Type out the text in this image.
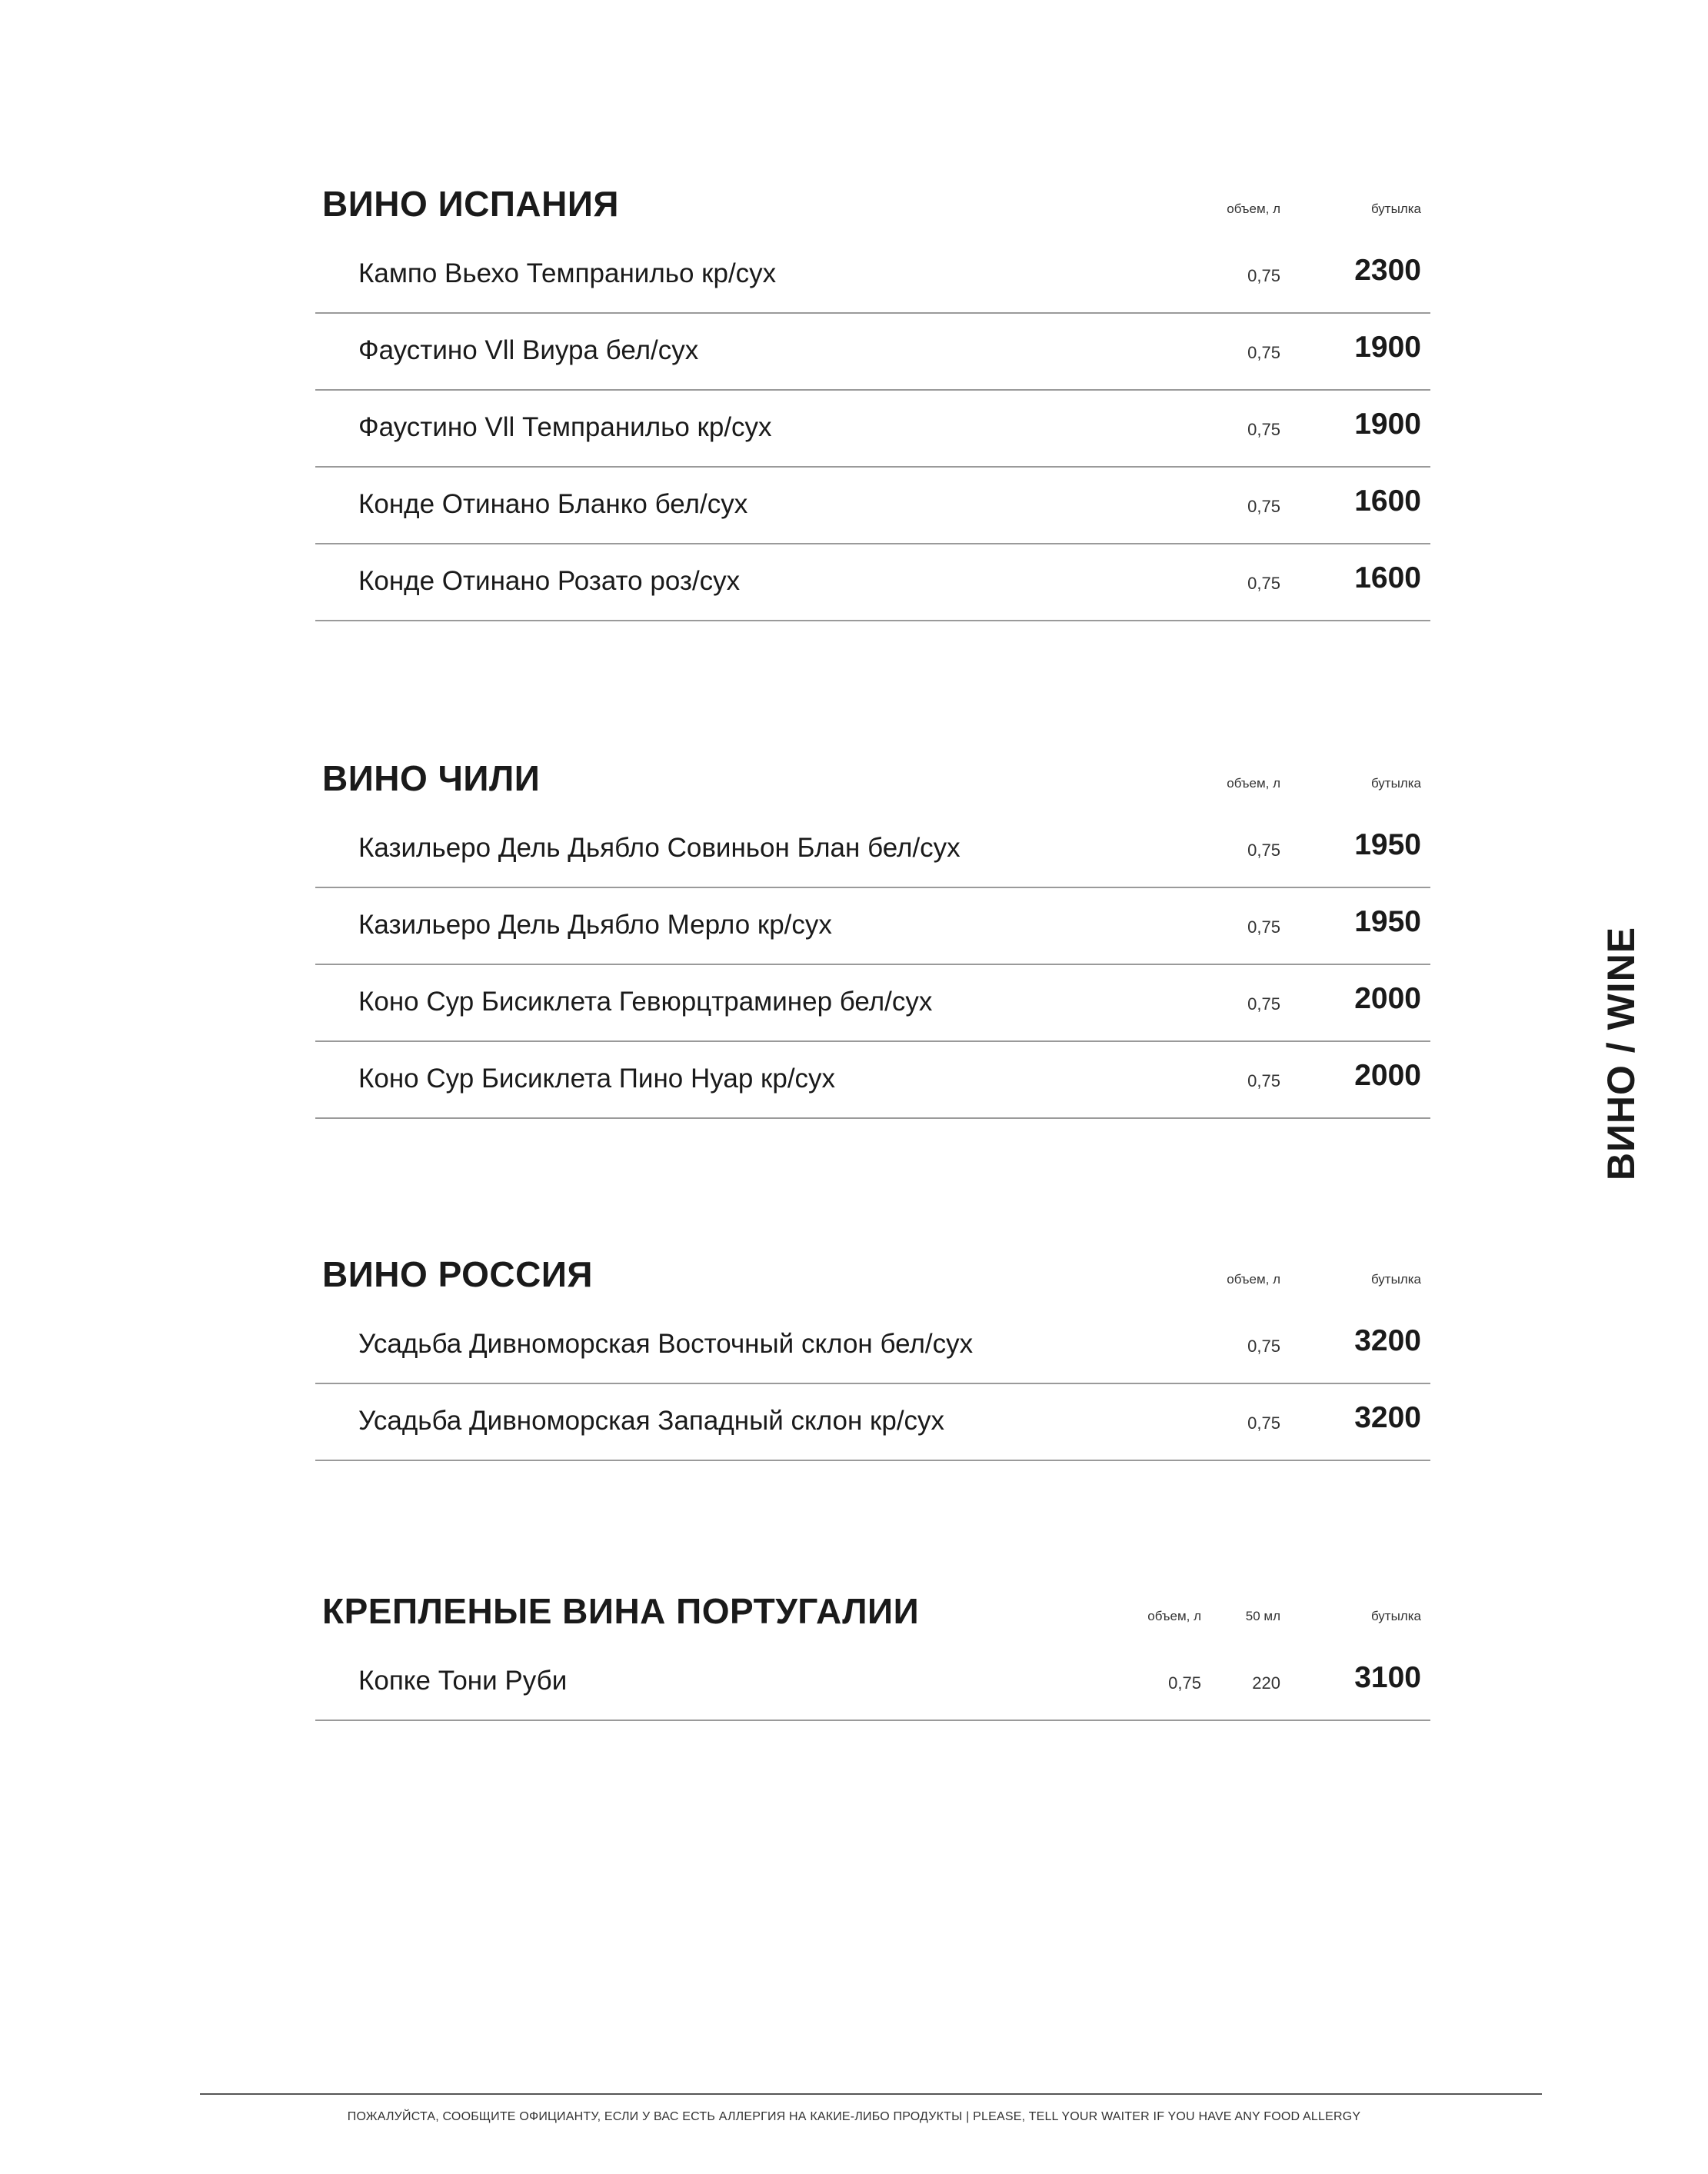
ВИНО ИСПАНИЯ	объем, л	бутылка
Кампо Вьехо Темпранильо кр/сух	0,75 2300
Фаустино Vll Виура бел/сух	0,75 1900
Фаустино Vll Темпранильо кр/сух	0,75 1900
Конде Отинано Бланко бел/сух	0,75 1600
Конде Отинано Розато роз/сух	0,75 1600
ВИНО ЧИЛИ	объем, л	бутылка
Казильеро Дель Дьябло Совиньон Блан бел/сух	0,75 1950
Казильеро Дель Дьябло Мерло кр/сух	0,75 1950
Коно Сур Бисиклета Гевюрцтраминер бел/сух	0,75 2000
Коно Сур Бисиклета Пино Нуар кр/сух	0,75 2000
ВИНО РОССИЯ	объем, л	бутылка
Усадьба Дивноморская Восточный склон бел/сух	0,75 3200
Усадьба Дивноморская Западный склон кр/сух	0,75 3200
КРЕПЛЕНЫЕ ВИНА ПОРТУГАЛИИ	объем, л	50 мл	бутылка
Копке Тони Руби	0,75	220 3100
ВИНО / WINE
ПОЖАЛУЙСТА, СООБЩИТЕ ОФИЦИАНТУ, ЕСЛИ У ВАС ЕСТЬ АЛЛЕРГИЯ НА КАКИЕ-ЛИБО ПРОДУКТЫ | PLEASE, TELL YOUR WAITER IF YOU HAVE ANY FOOD ALLERGY
